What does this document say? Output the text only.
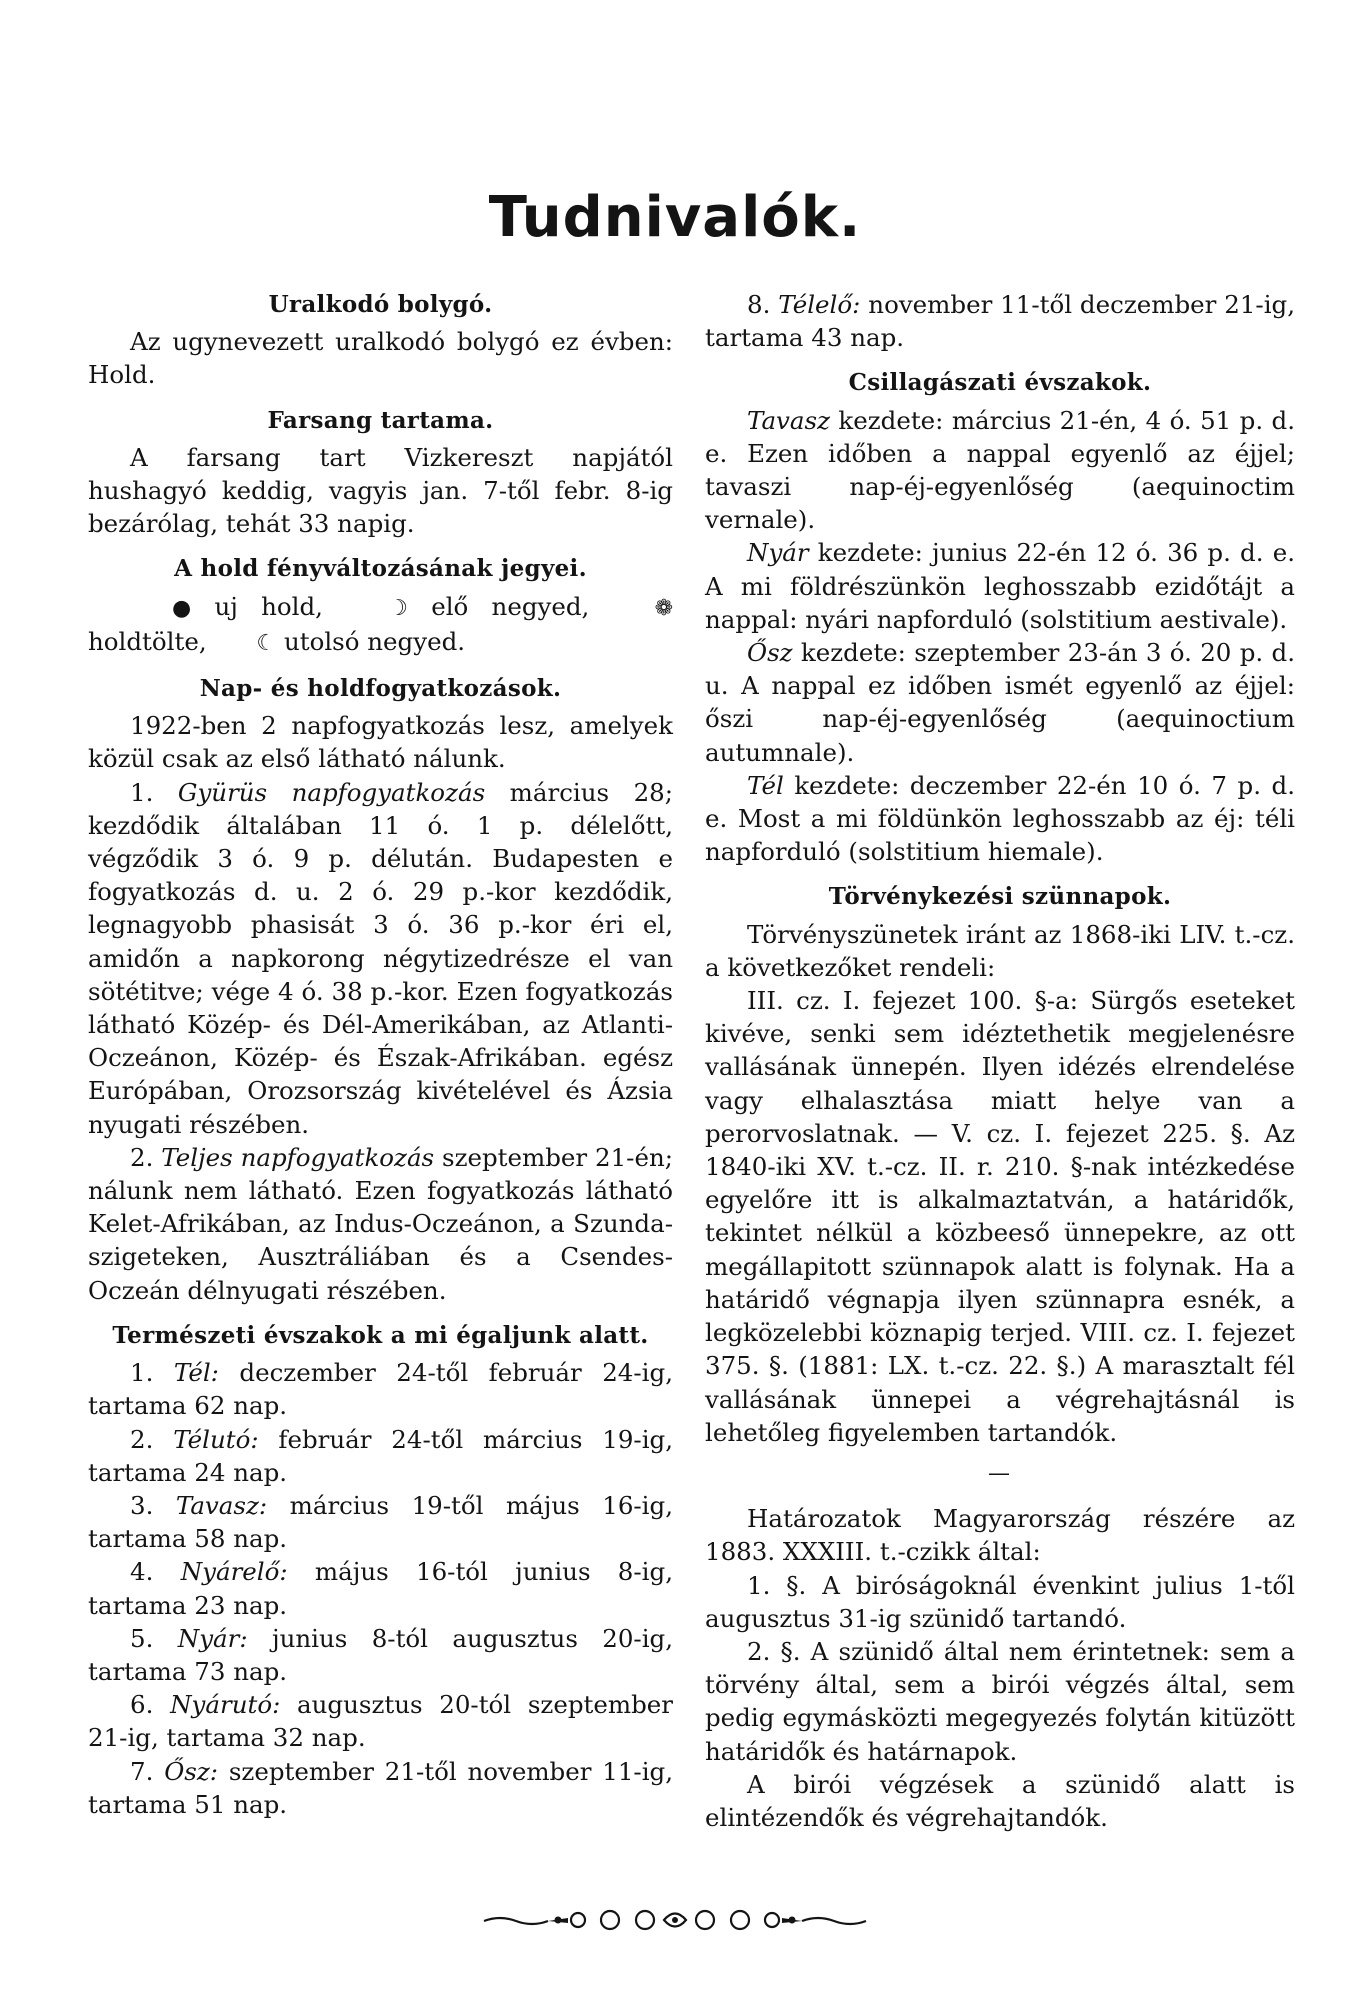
Tudnivalók.
Uralkodó bolygó.

Az ugynevezett uralkodó bolygó ez évben: Hold.

Farsang tartama.

A farsang tart Vizkereszt napjától hushagyó keddig, vagyis jan. 7-től febr. 8-ig bezárólag, tehát 33 napig.

A hold fényváltozásának jegyei.

● uj hold,	☽ elő negyed,	❁ holdtölte, ☾ utolsó negyed.

Nap- és holdfogyatkozások.

1922-ben 2 napfogyatkozás lesz, amelyek közül csak az első látható nálunk.

1. Gyürüs napfogyatkozás március 28; kezdődik általában 11 ó. 1 p. délelőtt, végződik 3 ó. 9 p. délután. Budapesten e fogyatkozás d. u. 2 ó. 29 p.-kor kezdődik, legnagyobb phasisát 3 ó. 36 p.-kor éri el, amidőn a napkorong négytizedrésze el van sötétitve; vége 4 ó. 38 p.-kor. Ezen fogyatkozás látható Közép- és Dél-Amerikában, az Atlanti-Oczeánon, Közép- és Észak-Afrikában. egész Európában, Orozsország kivételével és Ázsia nyugati részében.

2. Teljes napfogyatkozás szeptember 21-én; nálunk nem látható. Ezen fogyatkozás látható Kelet-Afrikában, az Indus-Oczeánon, a Szunda-szigeteken, Ausztráliában és a Csendes-Oczeán délnyugati részében.

Természeti évszakok a mi égaljunk alatt.

1. Tél: deczember 24-től február 24-ig, tartama 62 nap.

2. Télutó: február 24-től március 19-ig, tartama 24 nap.

3. Tavasz: március 19-től május 16-ig, tartama 58 nap.

4. Nyárelő: május 16-tól junius 8-ig, tartama 23 nap.

5. Nyár: junius 8-tól augusztus 20-ig, tartama 73 nap.

6. Nyárutó: augusztus 20-tól szeptember 21-ig, tartama 32 nap.

7. Ősz: szeptember 21-től november 11-ig, tartama 51 nap.

8. Télelő: november 11-től deczember 21-ig, tartama 43 nap.

Csillagászati évszakok.

Tavasz kezdete: március 21-én, 4 ó. 51 p. d. e. Ezen időben a nappal egyenlő az éjjel; tavaszi nap-éj-egyenlőség (aequinoctim vernale).

Nyár kezdete: junius 22-én 12 ó. 36 p. d. e. A mi földrészünkön leghosszabb ezidőtájt a nappal: nyári napforduló (solstitium aestivale).

Ősz kezdete: szeptember 23-án 3 ó. 20 p. d. u. A nappal ez időben ismét egyenlő az éjjel: őszi nap-éj-egyenlőség (aequinoctium autumnale).

Tél kezdete: deczember 22-én 10 ó. 7 p. d. e. Most a mi földünkön leghosszabb az éj: téli napforduló (solstitium hiemale).

Törvénykezési szünnapok.

Törvényszünetek iránt az 1868-iki LIV. t.-cz. a következőket rendeli:

III. cz. I. fejezet 100. §-a: Sürgős eseteket kivéve, senki sem idéztethetik megjelenésre vallásának ünnepén. Ilyen idézés elrendelése vagy elhalasztása miatt helye van a perorvoslatnak. — V. cz. I. fejezet 225. §. Az 1840-iki XV. t.-cz. II. r. 210. §-nak intézkedése egyelőre itt is alkalmaztatván, a határidők, tekintet nélkül a közbeeső ünnepekre, az ott megállapitott szünnapok alatt is folynak. Ha a határidő végnapja ilyen szünnapra esnék, a legközelebbi köznapig terjed. VIII. cz. I. fejezet 375. §. (1881: LX. t.-cz. 22. §.) A marasztalt fél vallásának ünnepei a végrehajtásnál is lehetőleg figyelemben tartandók.

—

Határozatok Magyarország részére az 1883. XXXIII. t.-czikk által:

1. §. A biróságoknál évenkint julius 1-től augusztus 31-ig szünidő tartandó.

2. §. A szünidő által nem érintetnek: sem a törvény által, sem a birói végzés által, sem pedig egymásközti megegyezés folytán kitüzött határidők és határnapok.

A birói végzések a szünidő alatt is elintézendők és végrehajtandók.
